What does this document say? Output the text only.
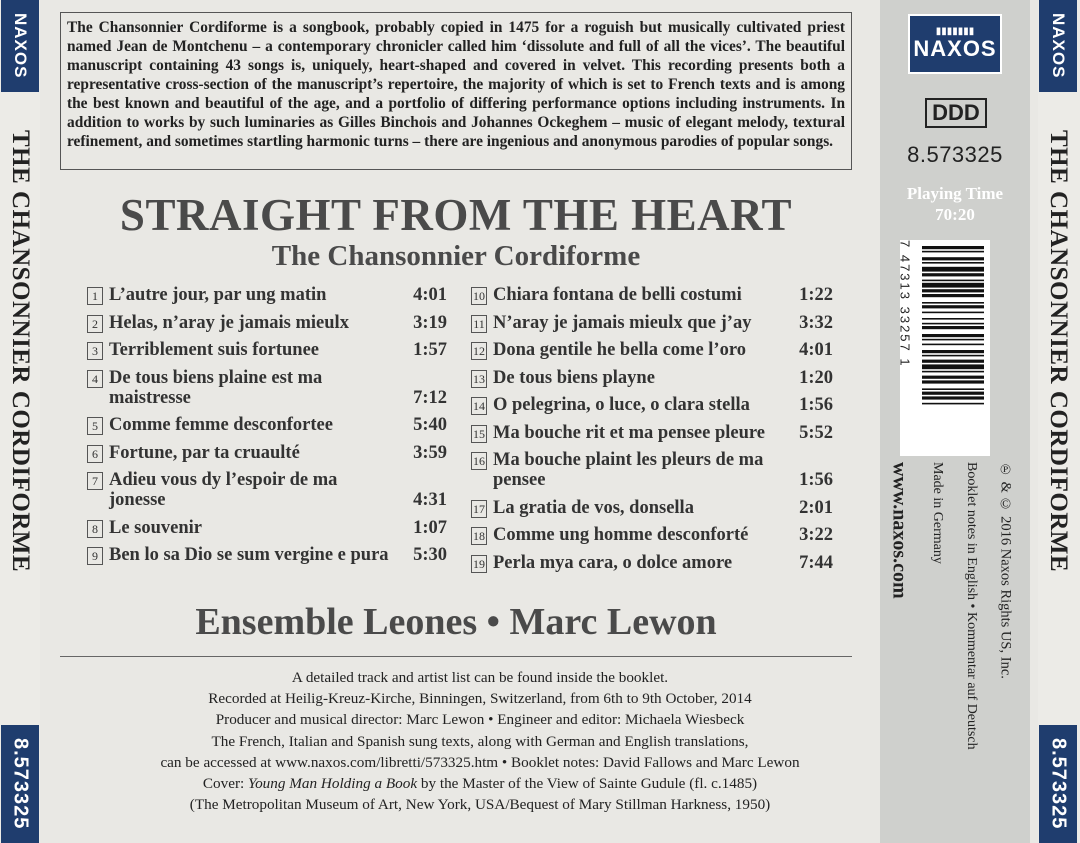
NAXOS
THE CHANSONNIER CORDIFORME
8.573325
The Chansonnier Cordiforme is a songbook, probably copied in 1475 for a roguish but musically cultivated priest named Jean de Montchenu – a contemporary chronicler called him ‘dissolute and full of all the vices’. The beautiful manuscript containing 43 songs is, uniquely, heart-shaped and covered in velvet. This recording presents both a representative cross-section of the manuscript’s repertoire, the majority of which is set to French texts and is among the best known and beautiful of the age, and a portfolio of differing performance options including instruments. In addition to works by such luminaries as Gilles Binchois and Johannes Ockeghem – music of elegant melody, textural refinement, and sometimes startling harmonic turns – there are ingenious and anonymous parodies of popular songs.
STRAIGHT FROM THE HEART
The Chansonnier Cordiforme
1 L’autre jour, par ung matin	4:01
2 Helas, n’aray je jamais mieulx	3:19
3 Terriblement suis fortunee	1:57
4 De tous biens plaine est ma maistresse	7:12
5 Comme femme desconfortee	5:40
6 Fortune, par ta cruaulté	3:59
7 Adieu vous dy l’espoir de ma jonesse	4:31
8 Le souvenir	1:07
9 Ben lo sa Dio se sum vergine e pura	5:30
10 Chiara fontana de belli costumi	1:22
11 N’aray je jamais mieulx que j’ay	3:32
12 Dona gentile he bella come l’oro	4:01
13 De tous biens playne	1:20
14 O pelegrina, o luce, o clara stella	1:56
15 Ma bouche rit et ma pensee pleure	5:52
16 Ma bouche plaint les pleurs de ma pensee	1:56
17 La gratia de vos, donsella	2:01
18 Comme ung homme desconforté	3:22
19 Perla mya cara, o dolce amore	7:44
Ensemble Leones • Marc Lewon
A detailed track and artist list can be found inside the booklet.
Recorded at Heilig-Kreuz-Kirche, Binningen, Switzerland, from 6th to 9th October, 2014
Producer and musical director: Marc Lewon • Engineer and editor: Michaela Wiesbeck
The French, Italian and Spanish sung texts, along with German and English translations,
can be accessed at www.naxos.com/libretti/573325.htm • Booklet notes: David Fallows and Marc Lewon
Cover: Young Man Holding a Book by the Master of the View of Sainte Gudule (fl. c.1485)
(The Metropolitan Museum of Art, New York, USA/Bequest of Mary Stillman Harkness, 1950)
▮▮▮▮▮▮▮
NAXOS
DDD
8.573325
Playing Time
70:20
7 47313 33257 1
www.naxos.com Made in Germany Booklet notes in English • Kommentar auf Deutsch ℗ & © 2016 Naxos Rights US, Inc.
NAXOS
THE CHANSONNIER CORDIFORME
8.573325
